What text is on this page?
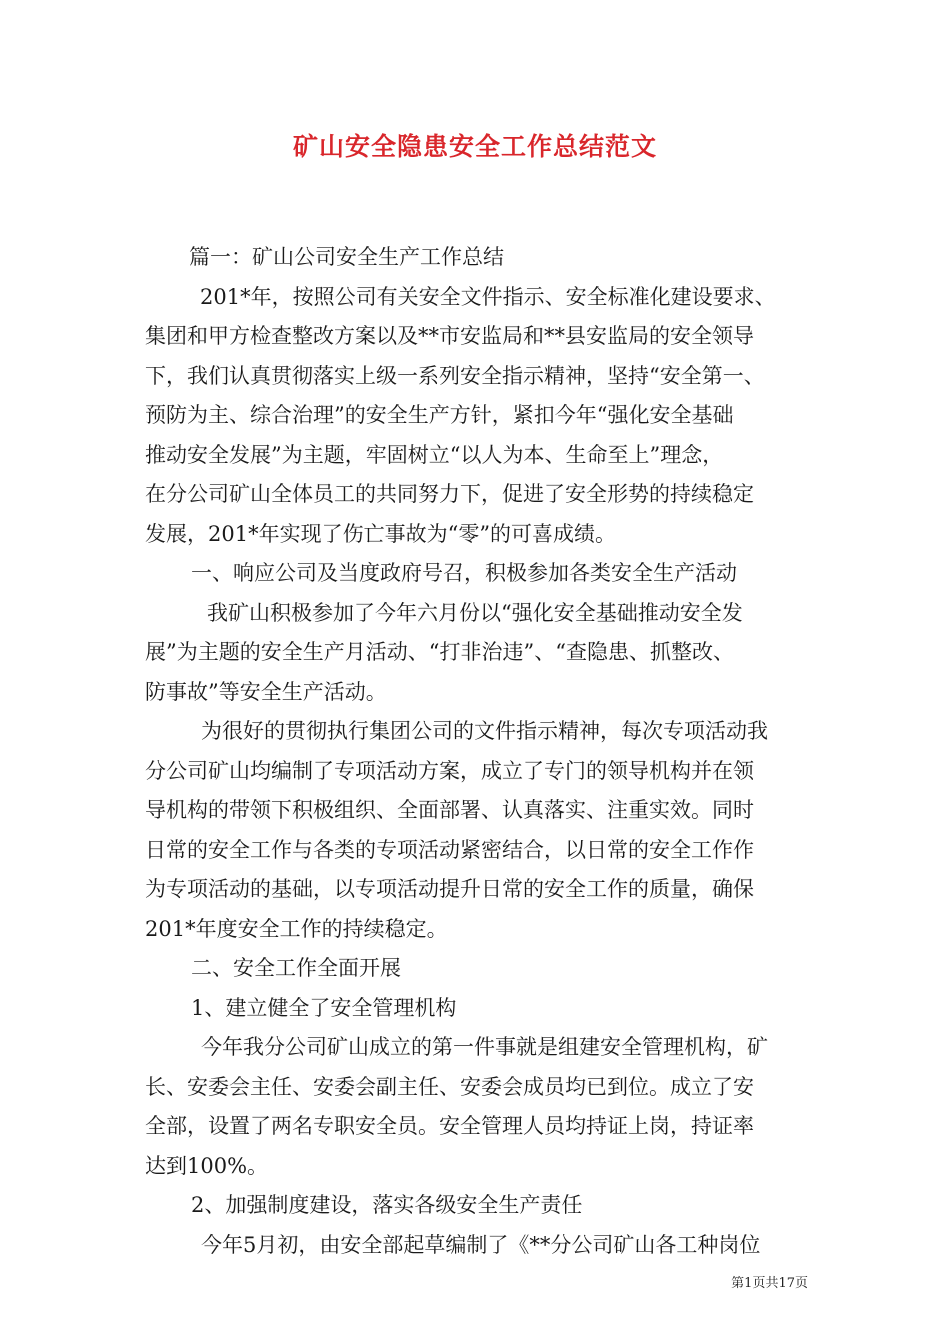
矿山安全隐患安全工作总结范文
篇一：矿山公司安全生产工作总结
201*年，按照公司有关安全文件指示、安全标准化建设要求、
集团和甲方检查整改方案以及**市安监局和**县安监局的安全领导
下，我们认真贯彻落实上级一系列安全指示精神，坚持“安全第一、
预防为主、综合治理”的安全生产方针，紧扣今年“强化安全基础
推动安全发展”为主题，牢固树立“以人为本、生命至上”理念，
在分公司矿山全体员工的共同努力下，促进了安全形势的持续稳定
发展，201*年实现了伤亡事故为“零”的可喜成绩。
一、响应公司及当度政府号召，积极参加各类安全生产活动
我矿山积极参加了今年六月份以“强化安全基础推动安全发
展”为主题的安全生产月活动、“打非治违”、“查隐患、抓整改、
防事故”等安全生产活动。
为很好的贯彻执行集团公司的文件指示精神，每次专项活动我
分公司矿山均编制了专项活动方案，成立了专门的领导机构并在领
导机构的带领下积极组织、全面部署、认真落实、注重实效。同时
日常的安全工作与各类的专项活动紧密结合，以日常的安全工作作
为专项活动的基础，以专项活动提升日常的安全工作的质量，确保
201*年度安全工作的持续稳定。
二、安全工作全面开展
1、建立健全了安全管理机构
今年我分公司矿山成立的第一件事就是组建安全管理机构，矿
长、安委会主任、安委会副主任、安委会成员均已到位。成立了安
全部，设置了两名专职安全员。安全管理人员均持证上岗，持证率
达到100%。
2、加强制度建设，落实各级安全生产责任
今年5月初，由安全部起草编制了《**分公司矿山各工种岗位
第1页共17页
